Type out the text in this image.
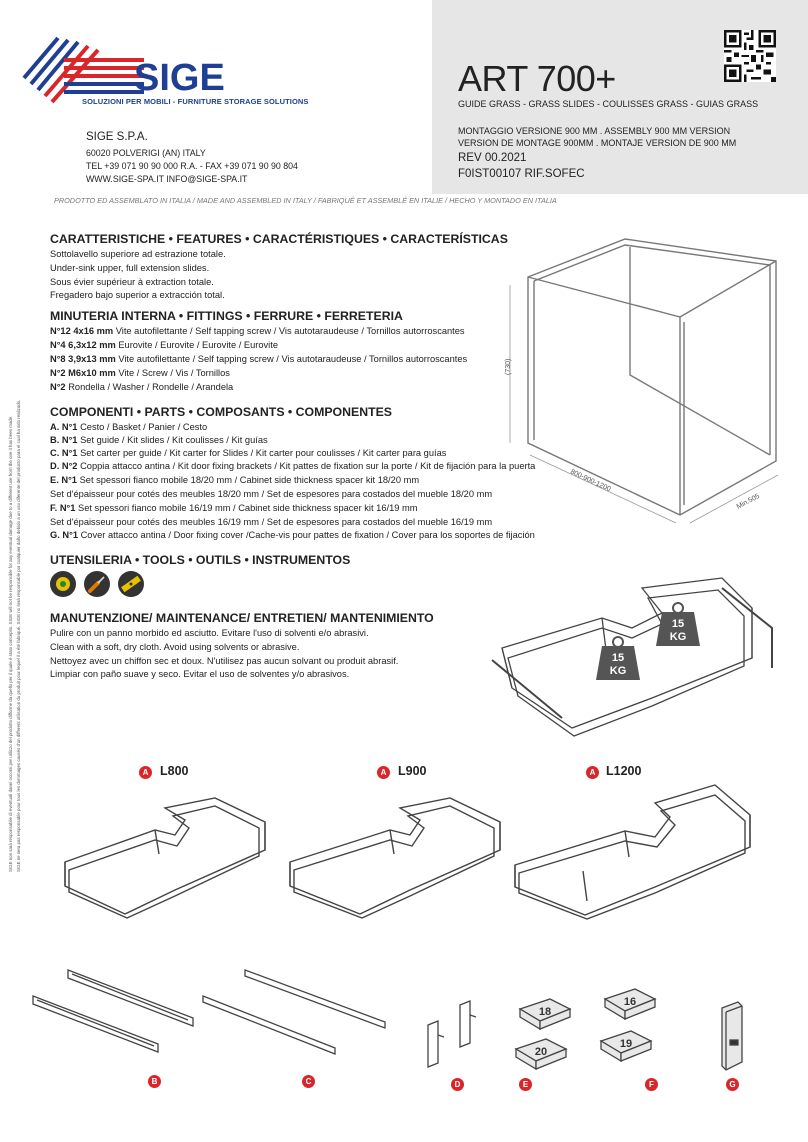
SIGE
SOLUZIONI PER MOBILI - FURNITURE STORAGE SOLUTIONS
SIGE S.P.A.
60020 POLVERIGI (AN) ITALY
TEL +39 071 90 90 000 R.A. - FAX +39 071 90 90 804
WWW.SIGE-SPA.IT INFO@SIGE-SPA.IT
ART 700+
GUIDE GRASS - GRASS SLIDES - COULISSES GRASS - GUIAS GRASS
MONTAGGIO VERSIONE 900 MM . ASSEMBLY 900 MM VERSION
VERSION DE MONTAGE 900MM . MONTAJE VERSION DE 900 MM
REV 00.2021
F0IST00107 RIF.SOFEC
PRODOTTO ED ASSEMBLATO IN ITALIA / MADE AND ASSEMBLED IN ITALY / FABRIQUÉ ET ASSEMBLÉ EN ITALIE / HECHO Y MONTADO EN ITALIA
SIGE non sarà responsabile di eventuali danni occorsi per utilizzo del prodotto difforme da quello per il quale è stato concepito. SIGE will not be responsible for any eventual damage due to a different use from the one it has been made. SIGE ne sera pas responsable pour tous les dommages causés d'un different utilisation du produit pour lequel il a été fabriqué. SIGE no será responsable por cualquier daño debido a un uso diferente del producto para el cual ha sido realizado.
CARATTERISTICHE • FEATURES • CARACTÉRISTIQUES • CARACTERÍSTICAS
Sottolavello superiore ad estrazione totale.
Under-sink upper, full extension slides.
Sous évier supérieur à extraction totale.
Fregadero bajo superior a extracción total.
MINUTERIA INTERNA • FITTINGS • FERRURE • FERRETERIA
N°12 4x16 mm Vite autofilettante / Self tapping screw / Vis autotaraudeuse / Tornillos autorroscantes
N°4 6,3x12 mm Eurovite / Eurovite / Eurovite / Eurovite
N°8 3,9x13 mm Vite autofilettante / Self tapping screw / Vis autotaraudeuse / Tornillos autorroscantes
N°2 M6x10 mm Vite / Screw / Vis / Tornillos
N°2 Rondella / Washer / Rondelle / Arandela
COMPONENTI • PARTS • COMPOSANTS • COMPONENTES
A. N°1 Cesto / Basket / Panier / Cesto
B. N°1 Set guide / Kit slides / Kit coulisses / Kit guías
C. N°1 Set carter per guide / Kit carter for Slides / Kit carter pour coulisses / Kit carter para guías
D. N°2 Coppia attacco antina / Kit door fixing brackets / Kit pattes de fixation sur la porte / Kit de fijación para la puerta
E. N°1 Set spessori fianco mobile 18/20 mm / Cabinet side thickness spacer kit 18/20 mm
Set d'épaisseur pour cotés des meubles 18/20 mm / Set de espesores para costados del mueble 18/20 mm
F. N°1 Set spessori fianco mobile 16/19 mm / Cabinet side thickness spacer kit 16/19 mm
Set d'épaisseur pour cotés des meubles 16/19 mm / Set de espesores para costados del mueble 16/19 mm
G. N°1 Cover attacco antina / Door fixing cover /Cache-vis pour pattes de fixation / Cover para los soportes de fijación
UTENSILERIA • TOOLS • OUTILS • INSTRUMENTOS
MANUTENZIONE/ MAINTENANCE/ ENTRETIEN/ MANTENIMIENTO
Pulire con un panno morbido ed asciutto. Evitare l'uso di solventi e/o abrasivi.
Clean with a soft, dry cloth. Avoid using solvents or abrasive.
Nettoyez avec un chiffon sec et doux. N'utilisez pas aucun solvant ou produit abrasif.
Limpiar con paño suave y seco. Evitar el uso de solventes y/o abrasivos.
(730)
800-900-1200
Min.505
15
KG
15
KG
A L800	A L900	A L1200
B	C	D
18
20
E
16
19
F	G
